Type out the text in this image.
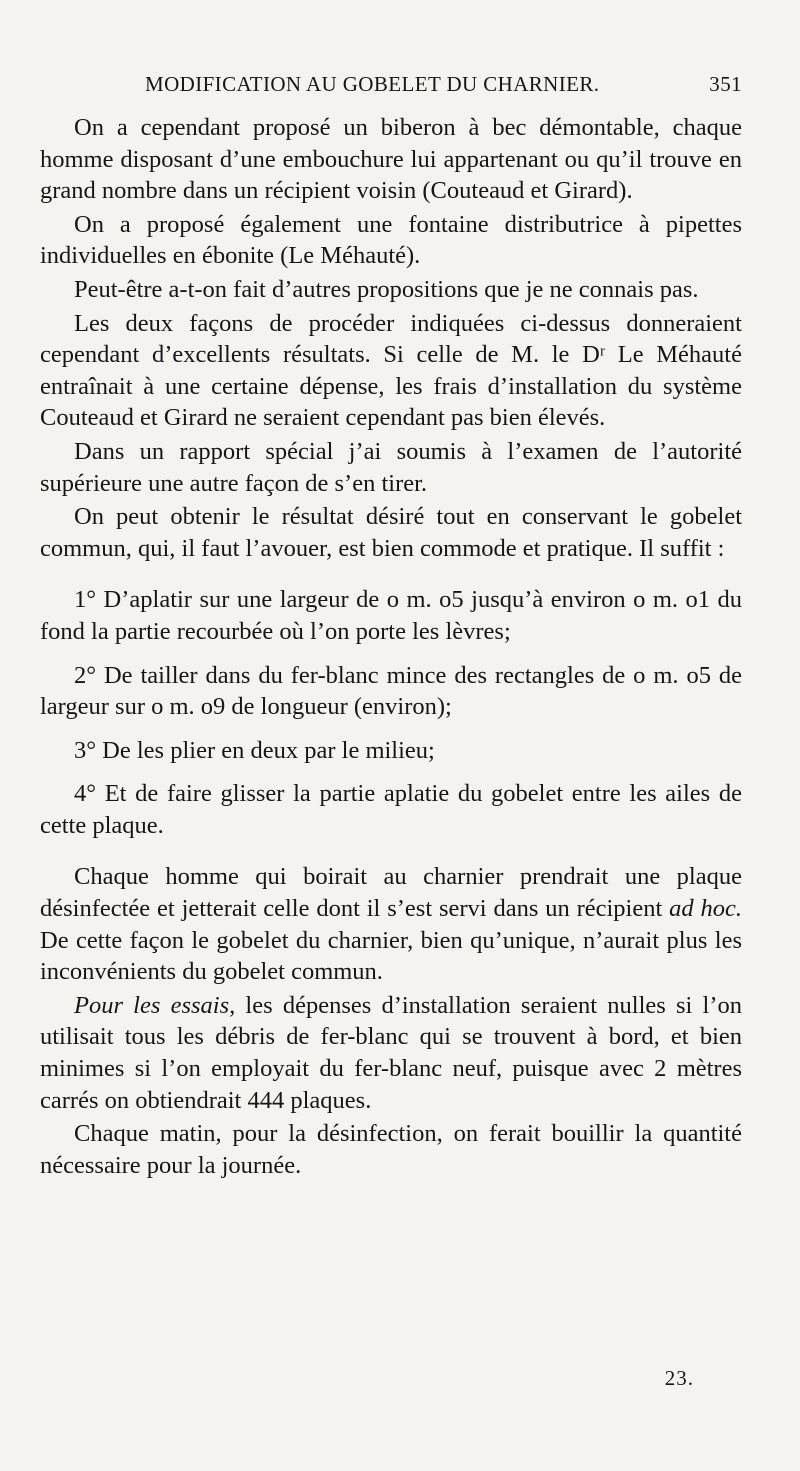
MODIFICATION AU GOBELET DU CHARNIER.	351

On a cependant proposé un biberon à bec démontable, chaque homme disposant d’une embouchure lui appartenant ou qu’il trouve en grand nombre dans un récipient voisin (Couteaud et Girard).

On a proposé également une fontaine distributrice à pipettes individuelles en ébonite (Le Méhauté).

Peut-être a-t-on fait d’autres propositions que je ne connais pas.

Les deux façons de procéder indiquées ci-dessus donneraient cependant d’excellents résultats. Si celle de M. le Dʳ Le Méhauté entraînait à une certaine dépense, les frais d’installation du système Couteaud et Girard ne seraient cependant pas bien élevés.

Dans un rapport spécial j’ai soumis à l’examen de l’autorité supérieure une autre façon de s’en tirer.

On peut obtenir le résultat désiré tout en conservant le gobelet commun, qui, il faut l’avouer, est bien commode et pratique. Il suffit :

1° D’aplatir sur une largeur de o m. o5 jusqu’à environ o m. o1 du fond la partie recourbée où l’on porte les lèvres;

2° De tailler dans du fer-blanc mince des rectangles de o m. o5 de largeur sur o m. o9 de longueur (environ);

3° De les plier en deux par le milieu;

4° Et de faire glisser la partie aplatie du gobelet entre les ailes de cette plaque.

Chaque homme qui boirait au charnier prendrait une plaque désinfectée et jetterait celle dont il s’est servi dans un récipient ad hoc. De cette façon le gobelet du charnier, bien qu’unique, n’aurait plus les inconvénients du gobelet commun.

Pour les essais, les dépenses d’installation seraient nulles si l’on utilisait tous les débris de fer-blanc qui se trouvent à bord, et bien minimes si l’on employait du fer-blanc neuf, puisque avec 2 mètres carrés on obtiendrait 444 plaques.

Chaque matin, pour la désinfection, on ferait bouillir la quantité nécessaire pour la journée.

23.
